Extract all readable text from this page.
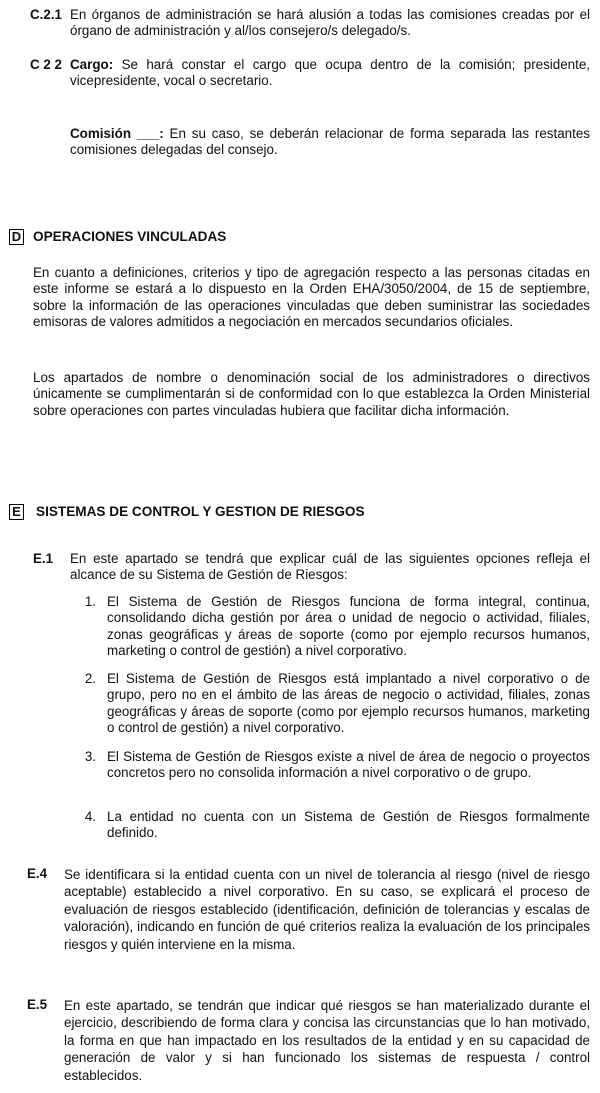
C.2.1 En órganos de administración se hará alusión a todas las comisiones creadas por el órgano de administración y al/los consejero/s delegado/s.
C 2 2 Cargo: Se hará constar el cargo que ocupa dentro de la comisión; presidente, vicepresidente, vocal o secretario.
Comisión ___: En su caso, se deberán relacionar de forma separada las restantes comisiones delegadas del consejo.
D OPERACIONES VINCULADAS
En cuanto a definiciones, criterios y tipo de agregación respecto a las personas citadas en este informe se estará a lo dispuesto en la Orden EHA/3050/2004, de 15 de septiembre, sobre la información de las operaciones vinculadas que deben suministrar las sociedades emisoras de valores admitidos a negociación en mercados secundarios oficiales.
Los apartados de nombre o denominación social de los administradores o directivos únicamente se cumplimentarán si de conformidad con lo que establezca la Orden Ministerial sobre operaciones con partes vinculadas hubiera que facilitar dicha información.
E SISTEMAS DE CONTROL Y GESTION DE RIESGOS
E.1 En este apartado se tendrá que explicar cuál de las siguientes opciones refleja el alcance de su Sistema de Gestión de Riesgos:
1. El Sistema de Gestión de Riesgos funciona de forma integral, continua, consolidando dicha gestión por área o unidad de negocio o actividad, filiales, zonas geográficas y áreas de soporte (como por ejemplo recursos humanos, marketing o control de gestión) a nivel corporativo.
2. El Sistema de Gestión de Riesgos está implantado a nivel corporativo o de grupo, pero no en el ámbito de las áreas de negocio o actividad, filiales, zonas geográficas y áreas de soporte (como por ejemplo recursos humanos, marketing o control de gestión) a nivel corporativo.
3. El Sistema de Gestión de Riesgos existe a nivel de área de negocio o proyectos concretos pero no consolida información a nivel corporativo o de grupo.
4. La entidad no cuenta con un Sistema de Gestión de Riesgos formalmente definido.
E.4 Se identificara si la entidad cuenta con un nivel de tolerancia al riesgo (nivel de riesgo aceptable) establecido a nivel corporativo. En su caso, se explicará el proceso de evaluación de riesgos establecido (identificación, definición de tolerancias y escalas de valoración), indicando en función de qué criterios realiza la evaluación de los principales riesgos y quién interviene en la misma.
E.5 En este apartado, se tendrán que indicar qué riesgos se han materializado durante el ejercicio, describiendo de forma clara y concisa las circunstancias que lo han motivado, la forma en que han impactado en los resultados de la entidad y en su capacidad de generación de valor y si han funcionado los sistemas de respuesta / control establecidos.
